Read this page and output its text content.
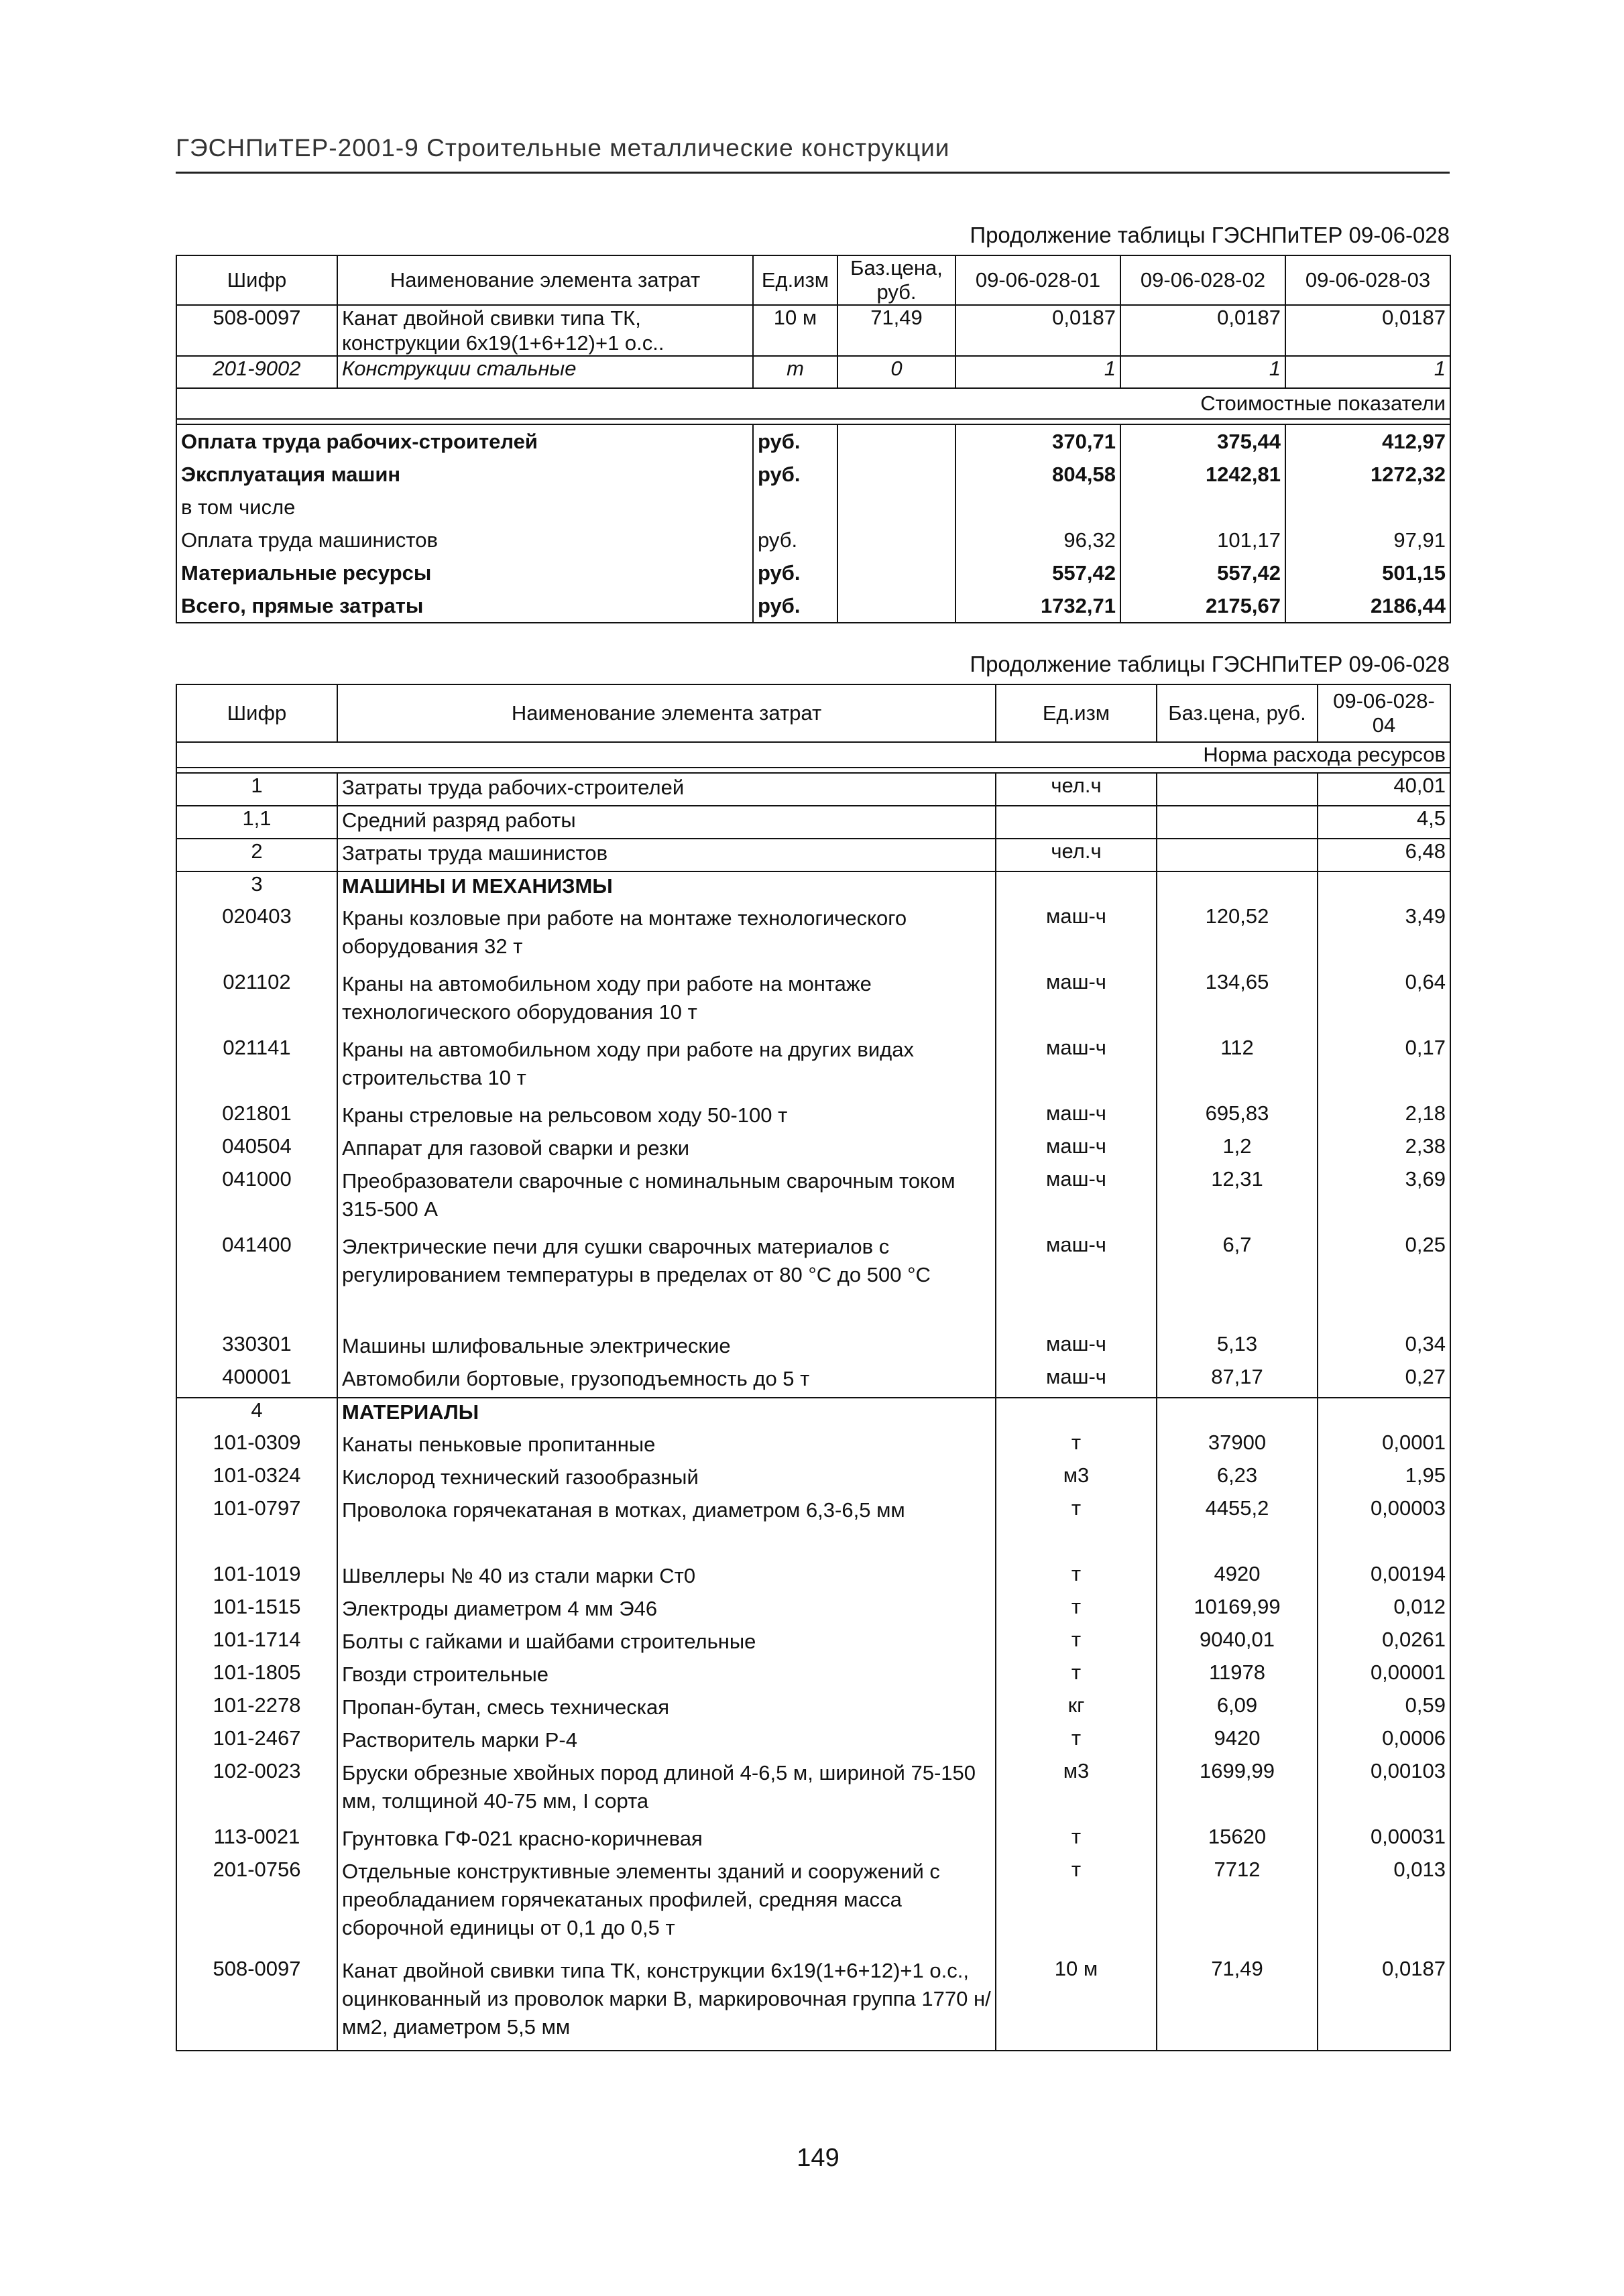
ГЭСНПиТЕР-2001-9 Строительные металлические конструкции
Продолжение таблицы ГЭСНПиТЕР 09-06-028
Шифр	Наименование элемента затрат	Ед.изм	Баз.цена, руб.	09-06-028-01	09-06-028-02	09-06-028-03
508-0097	Канат двойной свивки типа ТК, конструкции 6х19(1+6+12)+1 о.с..	10 м	71,49	0,0187	0,0187	0,0187
201-9002	Конструкции стальные	т	0	1	1	1
Стоимостные показатели						

Оплата труда рабочих-строителей		руб.		370,71	375,44	412,97
Эксплуатация машин		руб.		804,58	1242,81	1272,32
в том числе						
Оплата труда машинистов		руб.		96,32	101,17	97,91
Материальные ресурсы		руб.		557,42	557,42	501,15
Всего, прямые затраты		руб.		1732,71	2175,67	2186,44
Продолжение таблицы ГЭСНПиТЕР 09-06-028
Шифр	Наименование элемента затрат	Ед.изм	Баз.цена, руб.	09-06-028-04
Норма расхода ресурсов				

1	Затраты труда рабочих-строителей	чел.ч		40,01
1,1	Средний разряд работы			4,5
2	Затраты труда машинистов	чел.ч		6,48
3	МАШИНЫ И МЕХАНИЗМЫ			
020403	Краны козловые при работе на монтаже технологического оборудования 32 т	маш-ч	120,52	3,49
021102	Краны на автомобильном ходу при работе на монтаже технологического оборудования 10 т	маш-ч	134,65	0,64
021141	Краны на автомобильном ходу при работе на других видах строительства 10 т	маш-ч	112	0,17
021801	Краны стреловые на рельсовом ходу 50-100 т	маш-ч	695,83	2,18
040504	Аппарат для газовой сварки и резки	маш-ч	1,2	2,38
041000	Преобразователи сварочные с номинальным сварочным током 315-500 А	маш-ч	12,31	3,69
041400	Электрические печи для сушки сварочных материалов с регулированием температуры в пределах от 80 °С до 500 °С	маш-ч	6,7	0,25
330301	Машины шлифовальные электрические	маш-ч	5,13	0,34
400001	Автомобили бортовые, грузоподъемность до 5 т	маш-ч	87,17	0,27
4	МАТЕРИАЛЫ			
101-0309	Канаты пеньковые пропитанные	т	37900	0,0001
101-0324	Кислород технический газообразный	м3	6,23	1,95
101-0797	Проволока горячекатаная в мотках, диаметром 6,3-6,5 мм	т	4455,2	0,00003
101-1019	Швеллеры № 40 из стали марки Ст0	т	4920	0,00194
101-1515	Электроды диаметром 4 мм Э46	т	10169,99	0,012
101-1714	Болты с гайками и шайбами строительные	т	9040,01	0,0261
101-1805	Гвозди строительные	т	11978	0,00001
101-2278	Пропан-бутан, смесь техническая	кг	6,09	0,59
101-2467	Растворитель марки Р-4	т	9420	0,0006
102-0023	Бруски обрезные хвойных пород длиной 4-6,5 м, шириной 75-150 мм, толщиной 40-75 мм, I сорта	м3	1699,99	0,00103
113-0021	Грунтовка ГФ-021 красно-коричневая	т	15620	0,00031
201-0756	Отдельные конструктивные элементы зданий и сооружений с преобладанием горячекатаных профилей, средняя масса сборочной единицы от 0,1 до 0,5 т	т	7712	0,013
508-0097	Канат двойной свивки типа ТК, конструкции 6х19(1+6+12)+1 о.с., оцинкованный из проволок марки В, маркировочная группа 1770 н/мм2, диаметром 5,5 мм	10 м	71,49	0,0187
149
